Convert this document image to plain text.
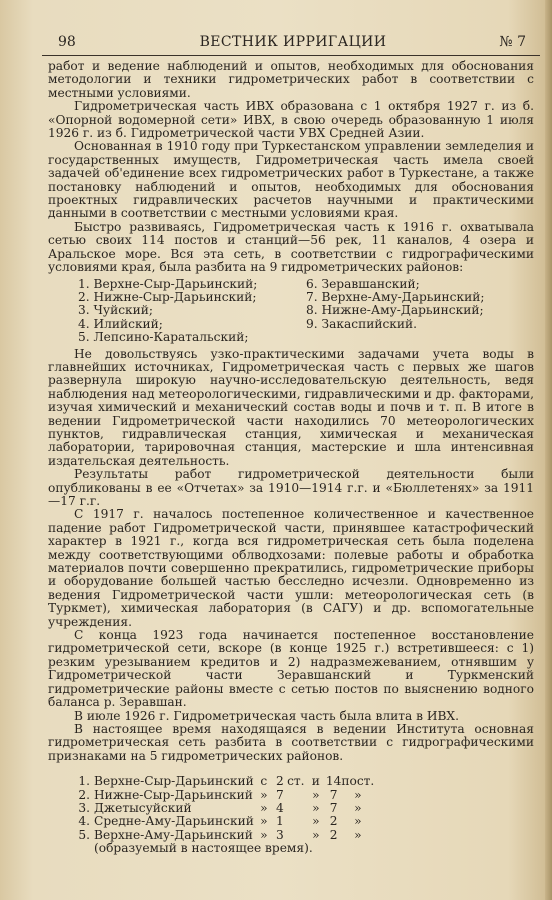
98	ВЕСТНИК ИРРИГАЦИИ	№ 7

работ и ведение наблюдений и опытов, необходимых для обоснования методологии и техники гидрометрических работ в соответствии с местными условиями.

Гидрометрическая часть ИВХ образована с 1 октября 1927 г. из б. «Опорной водомерной сети» ИВХ, в свою очередь образованную 1 июля 1926 г. из б. Гидрометрической части УВХ Средней Азии.

Основанная в 1910 году при Туркестанском управлении земледелия и государственных имуществ, Гидрометрическая часть имела своей задачей об'единение всех гидрометрических работ в Туркестане, а также постановку наблюдений и опытов, необходимых для обоснования проектных гидравлических расчетов научными и практическими данными в соответствии с местными условиями края.

Быстро развиваясь, Гидрометрическая часть к 1916 г. охватывала сетью своих 114 постов и станций—56 рек, 11 каналов, 4 озера и Аральское море. Вся эта сеть, в соответствии с гидрографическими условиями края, была разбита на 9 гидрометрических районов:

1. Верхне-Сыр-Дарьинский;
2. Нижне-Сыр-Дарьинский;
3. Чуйский;
4. Илийский;
5. Лепсино-Каратальский;
6. Зеравшанский;
7. Верхне-Аму-Дарьинский;
8. Нижне-Аму-Дарьинский;
9. Закаспийский.

Не довольствуясь узко-практическими задачами учета воды в главнейших источниках, Гидрометрическая часть с первых же шагов развернула широкую научно-исследовательскую деятельность, ведя наблюдения над метеорологическими, гидравлическими и др. факторами, изучая химический и механический состав воды и почв и т. п. В итоге в ведении Гидрометрической части находились 70 метеорологических пунктов, гидравлическая станция, химическая и механическая лаборатории, тарировочная станция, мастерские и шла интенсивная издательская деятельность.

Результаты работ гидрометрической деятельности были опубликованы в ее «Отчетах» за 1910—1914 г.г. и «Бюллетенях» за 1911—17 г.г.

С 1917 г. началось постепенное количественное и качественное падение работ Гидрометрической части, принявшее катастрофический характер в 1921 г., когда вся гидрометрическая сеть была поделена между соответствующими облводхозами: полевые работы и обработка материалов почти совершенно прекратились, гидрометрические приборы и оборудование большей частью бесследно исчезли. Одновременно из ведения Гидрометрической части ушли: метеорологическая сеть (в Туркмет), химическая лаборатория (в САГУ) и др. вспомогательные учреждения.

С конца 1923 года начинается постепенное восстановление гидрометрической сети, вскоре (в конце 1925 г.) встретившееся: с 1) резким урезыванием кредитов и 2) надразмежеванием, отнявшим у Гидрометрической части Зеравшанский и Туркменский гидрометрические районы вместе с сетью постов по выяснению водного баланса р. Зеравшан.

В июле 1926 г. Гидрометрическая часть была влита в ИВХ.

В настоящее время находящаяся в ведении Института основная гидрометрическая сеть разбита в соответствии с гидрографическими признаками на 5 гидрометрических районов.

1.	Верхне-Сыр-Дарьинский	с	2	ст.	и	14	пост.
2.	Нижне-Сыр-Дарьинский	»	7		»	7	»
3.	Джетысуйский	»	4		»	7	»
4.	Средне-Аму-Дарьинский	»	1		»	2	»
5.	Верхне-Аму-Дарьинский	»	3		»	2	»
	(образуемый в настоящее время).						
